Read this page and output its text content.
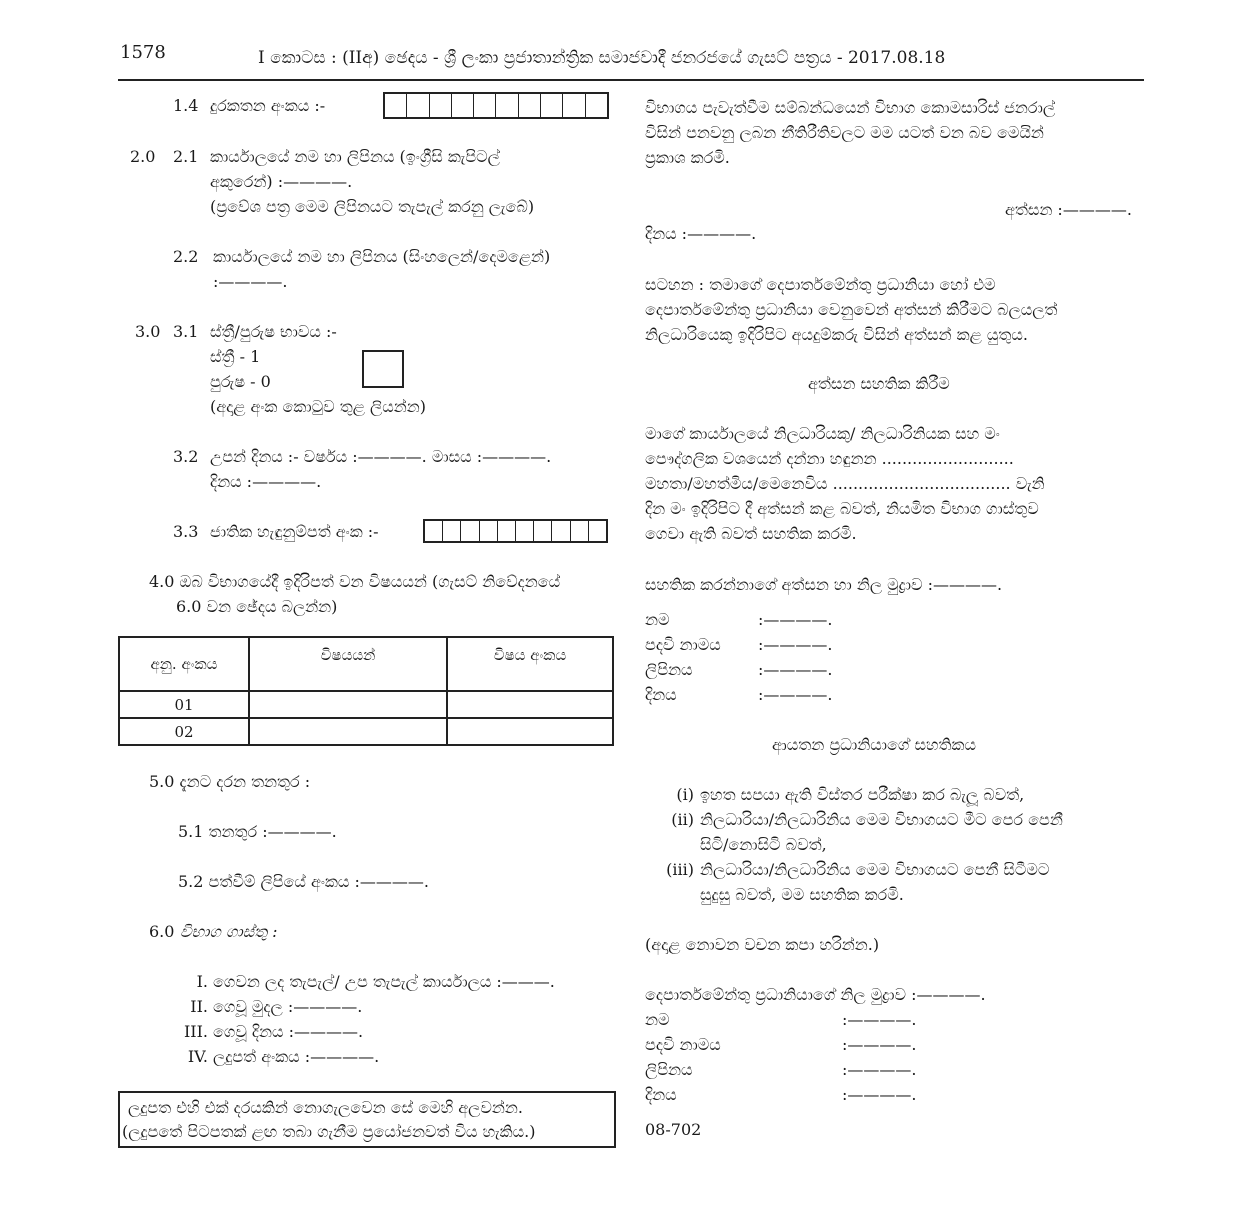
1578	I කොටස : (IIඅ) ඡෙදය - ශ්‍රී ලංකා ප්‍රජාතාන්ත්‍රික සමාජවාදී ජනරජයේ ගැසට් පත්‍රය - 2017.08.18
1.4 දුරකතන අංකය :-
2.0 2.1 කාර්යාලයේ නම හා ලිපිනය (ඉංග්‍රීසි කැපිටල්
අකුරෙන්) :————.
(ප්‍රවේශ පත්‍ර මෙම ලිපිනයට තැපැල් කරනු ලැබේ)
2.2 කාර්යාලයේ නම හා ලිපිනය (සිංහලෙන්/දෙමළෙන්)
:————.
3.0 3.1 ස්ත්‍රී/පුරුෂ භාවය :-
ස්ත්‍රී - 1
පුරුෂ - 0
(අදාළ අංක කොටුව තුළ ලියන්න)
3.2 උපන් දිනය :- වර්ෂය :————. මාසය :————.
දිනය :————.
3.3 ජාතික හැඳුනුම්පත් අංක :-
4.0 ඔබ විභාගයේදී ඉදිරිපත් වන විෂයයන් (ගැසට් නිවේදනයේ
6.0 වන ඡේදය බලන්න)
අනු. අංකය	විෂයයන්	විෂය අංකය
01		
02		
5.0 දැනට දරන තනතුර :
5.1 තනතුර :————.
5.2 පත්වීම් ලිපියේ අංකය :————.
6.0 විභාග ගාස්තු :
I. ගෙවන ලද තැපැල්/ උප තැපැල් කාර්යාලය :———.
II. ගෙවූ මුදල :————.
III. ගෙවූ දිනය :————.
IV. ලදුපත් අංකය :————.
ලදුපත එහි එක් දරයකින් නොගැලවෙන සේ මෙහි අලවන්න.
(ලදුපතේ පිටපතක් ළඟ තබා ගැනීම ප්‍රයෝජනවත් විය හැකිය.)
විභාගය පැවැත්වීම සම්බන්ධයෙන් විභාග කොමසාරිස් ජනරාල්
විසින් පනවනු ලබන නීතිරීතිවලට මම යටත් වන බව මෙයින්
ප්‍රකාශ කරමි.
අත්සන :————.
දිනය :————.
සටහන : තමාගේ දෙපාර්තමේන්තු ප්‍රධානියා හෝ එම
දෙපාර්තමේන්තු ප්‍රධානියා වෙනුවෙන් අත්සන් කිරීමට බලයලත්
නිලධාරියෙකු ඉදිරිපිට අයදුම්කරු විසින් අත්සන් කළ යුතුය.
අත්සන සහතික කිරීම
මාගේ කාර්යාලයේ නිලධාරියකු/ නිලධාරිනියක සහ මං
පෞද්ගලික වශයෙන් දන්නා හඳුනන ..........................
මහතා/මහත්මිය/මෙනෙවිය ................................... වැනි
දින මං ඉදිරිපිට දී අත්සන් කළ බවත්, නියමිත විභාග ගාස්තුව
ගෙවා ඇති බවත් සහතික කරමි.
සහතික කරන්නාගේ අත්සන හා නිල මුද්‍රාව :————.
නම	:————.
පදවි නාමය :————.
ලිපිනය	:————.
දිනය	:————.
ආයතන ප්‍රධානියාගේ සහතිකය
(i) ඉහත සපයා ඇති විස්තර පරීක්ෂා කර බැලූ බවත්,
(ii) නිලධාරියා/නිලධාරිනිය මෙම විභාගයට මීට පෙර පෙනී
සිටි/නොසිටි බවත්,
(iii) නිලධාරියා/නිලධාරිනිය මෙම විභාගයට පෙනී සිටීමට
සුදුසු බවත්, මම සහතික කරමි.
(අදාළ නොවන වචන කපා හරින්න.)
දෙපාර්තමේන්තු ප්‍රධානියාගේ නිල මුද්‍රාව :————.
නම	:————.
පදවි නාමය	:————.
ලිපිනය	:————.
දිනය	:————.
08-702
